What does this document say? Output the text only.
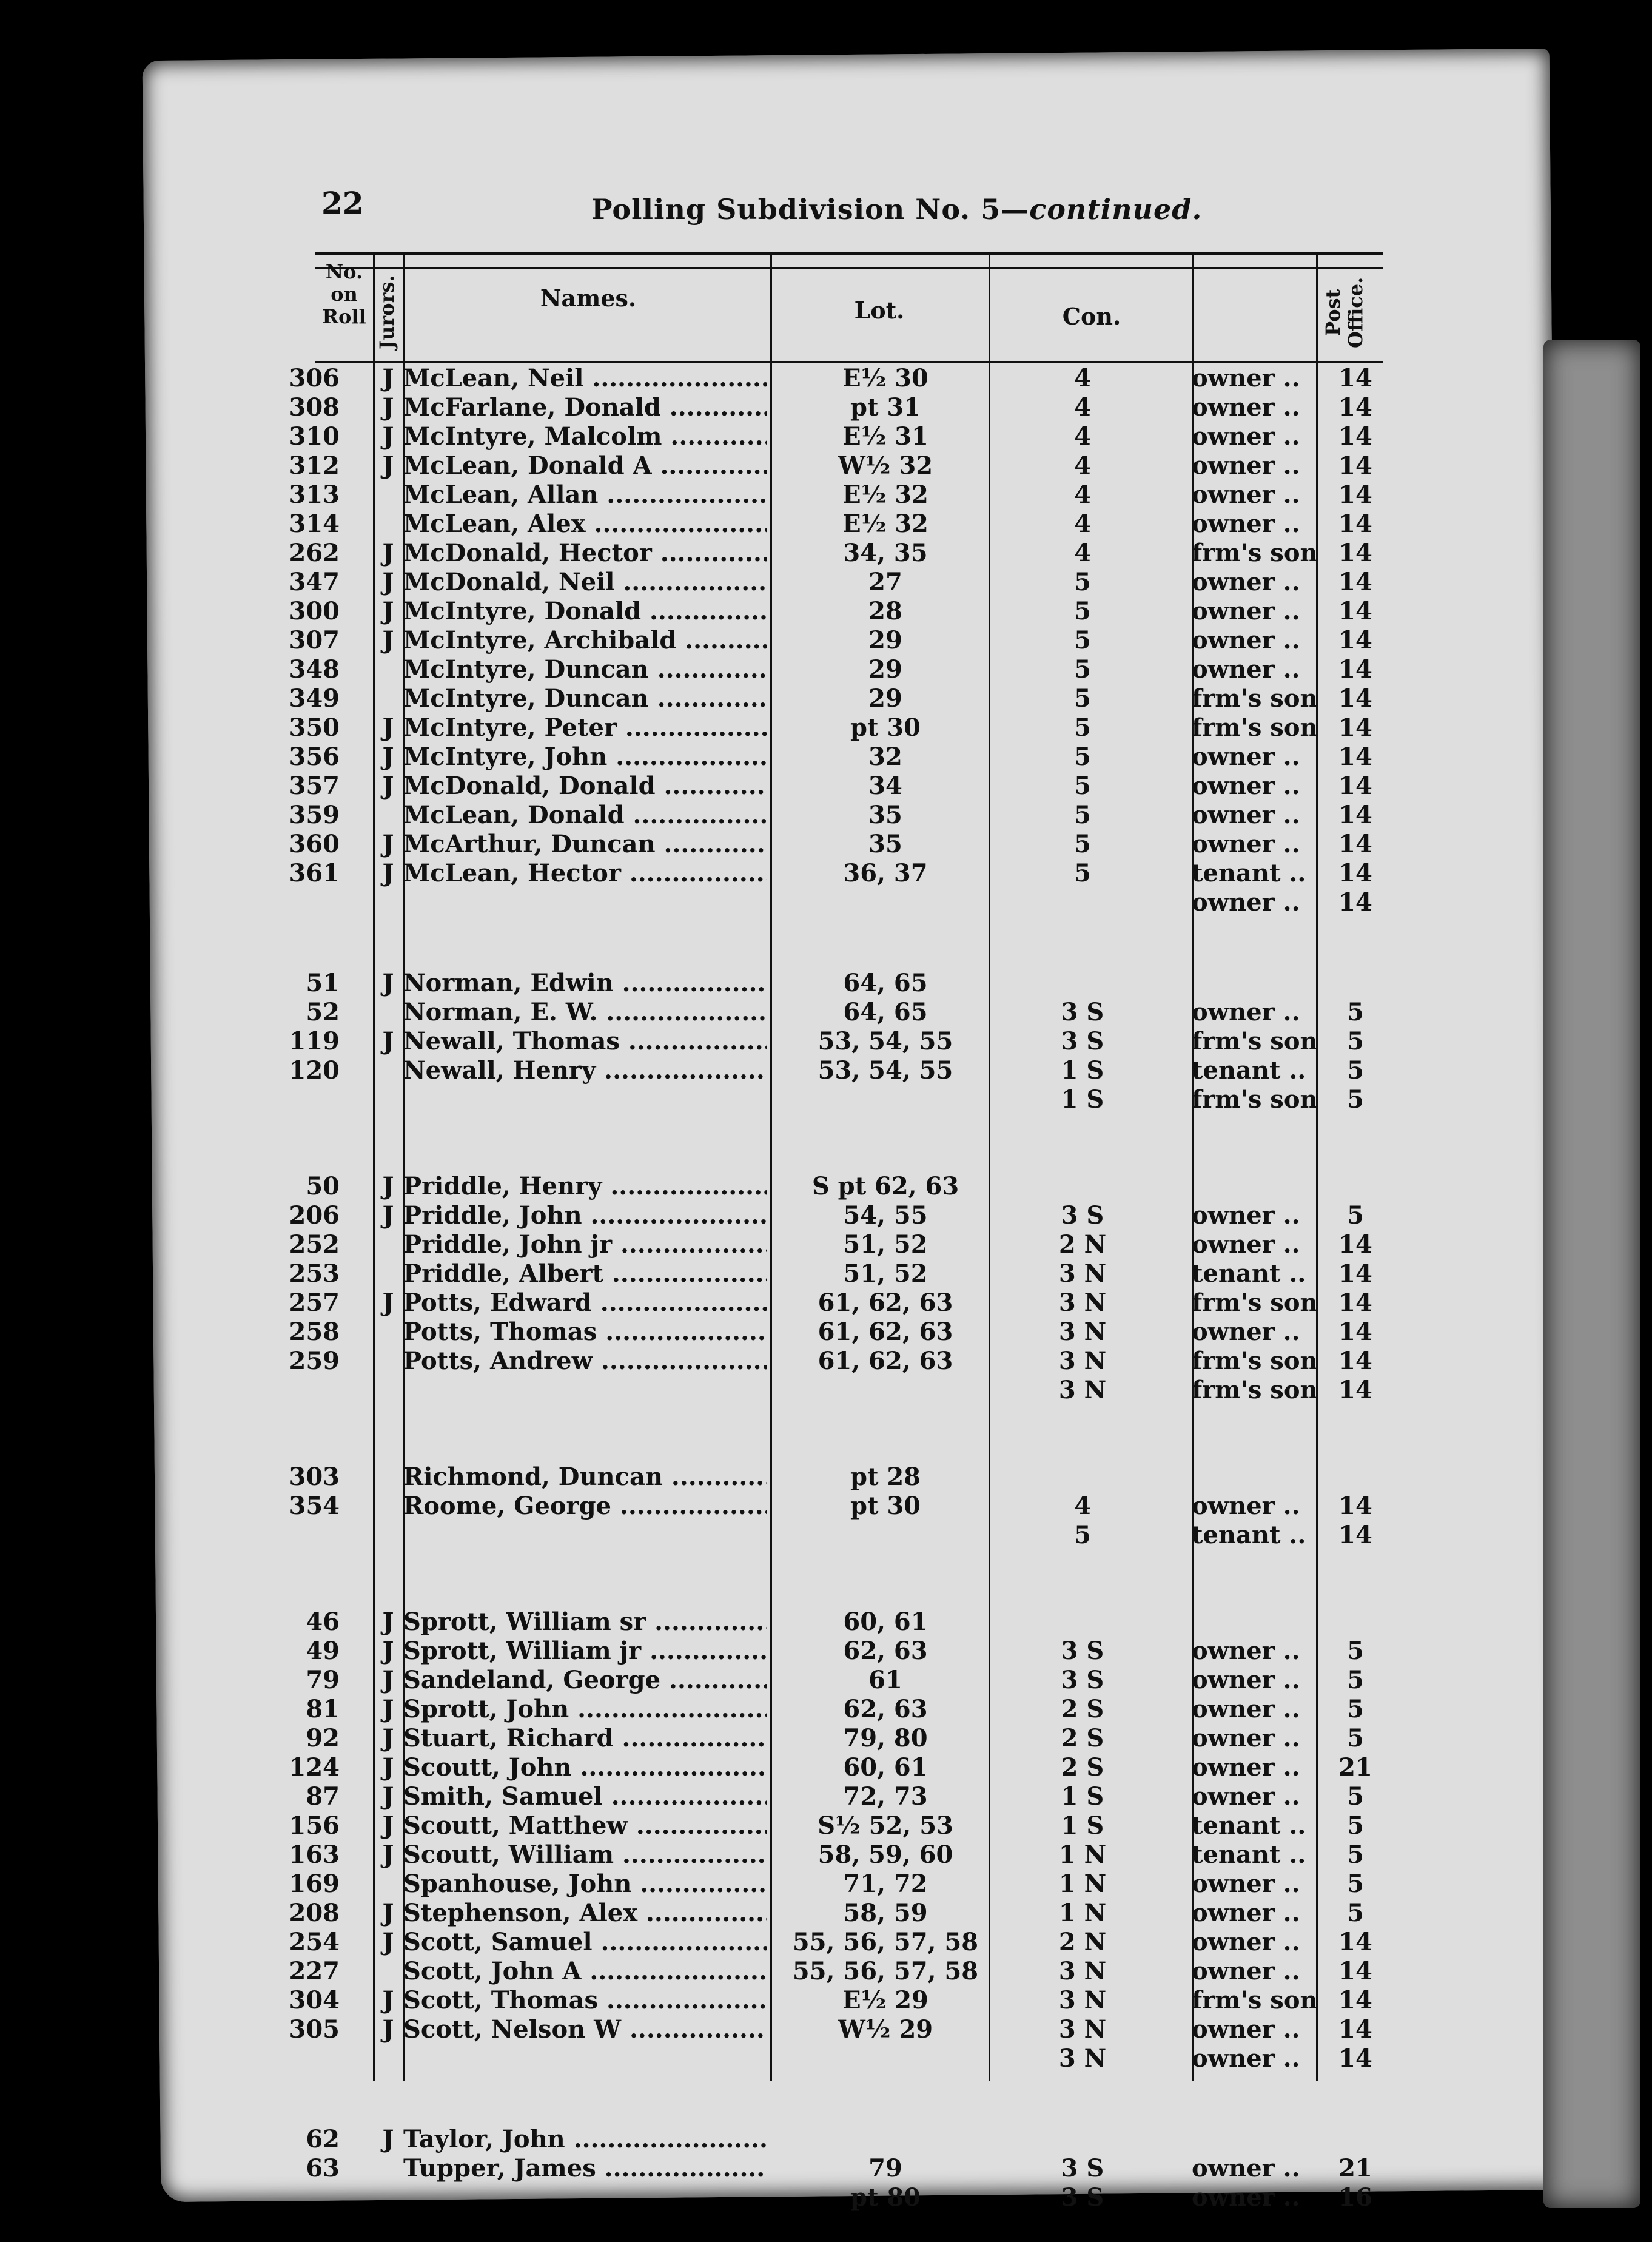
22	Polling Subdivision No. 5—continued.
No. on Roll Jurors.	Names.	Lot.	Con.	Post Office.
306	J McLean, Neil .....	E½ 30	4	owner ..	14
308	J McFarlane, Donald .....	pt 31	4	owner ..	14
310	J McIntyre, Malcolm .....	E½ 31	4	owner ..	14
312	J McLean, Donald A .....	W½ 32	4	owner ..	14
313	McLean, Allan .....	E½ 32	4	owner ..	14
314	McLean, Alex .....	E½ 32	4	owner ..	14
262	J McDonald, Hector .....	34, 35	4	frm's son 14
347	J McDonald, Neil .....	27	5	owner ..	14
300	J McIntyre, Donald .....	28	5	owner ..	14
307	J McIntyre, Archibald .....	29	5	owner ..	14
348	McIntyre, Duncan .....	29	5	owner ..	14
349	McIntyre, Duncan .....	29	5	frm's son 14
350	J McIntyre, Peter .....	pt 30	5	frm's son 14
356	J McIntyre, John .....	32	5	owner ..	14
357	J McDonald, Donald .....	34	5	owner ..	14
359	McLean, Donald .....	35	5	owner ..	14
360	J McArthur, Duncan .....	35	5	owner ..	14
361	J McLean, Hector .....	36, 37	5	tenant ..	14
owner ..	14
51	J Norman, Edwin .....	64, 65
52	Norman, E. W. .....	64, 65	3 S	owner ..	5
119	J Newall, Thomas .....	53, 54, 55	3 S	frm's son	5
120	Newall, Henry .....	53, 54, 55	1 S	tenant ..	5
1 S	frm's son	5
50	J Priddle, Henry .....	S pt 62, 63
206	J Priddle, John .....	54, 55	3 S	owner ..	5
252	Priddle, John jr .....	51, 52	2 N	owner ..	14
253	Priddle, Albert .....	51, 52	3 N	tenant ..	14
257	J Potts, Edward .....	61, 62, 63	3 N	frm's son 14
258	Potts, Thomas .....	61, 62, 63	3 N	owner ..	14
259	Potts, Andrew .....	61, 62, 63	3 N	frm's son 14
3 N	frm's son 14
303	Richmond, Duncan .....	pt 28
354	Roome, George .....	pt 30	4	owner ..	14
5	tenant ..	14
46	J Sprott, William sr .....	60, 61
49	J Sprott, William jr .....	62, 63	3 S	owner ..	5
79	J Sandeland, George .....	61	3 S	owner ..	5
81	J Sprott, John .....	62, 63	2 S	owner ..	5
92	J Stuart, Richard .....	79, 80	2 S	owner ..	5
124	J Scoutt, John .....	60, 61	2 S	owner ..	21
87	J Smith, Samuel .....	72, 73	1 S	owner ..	5
156	J Scoutt, Matthew .....	S½ 52, 53	1 S	tenant ..	5
163	J Scoutt, William .....	58, 59, 60	1 N	tenant ..	5
169	Spanhouse, John .....	71, 72	1 N	owner ..	5
208	J Stephenson, Alex .....	58, 59	1 N	owner ..	5
254	J Scott, Samuel .....	55, 56, 57, 58	2 N	owner ..	14
227	Scott, John A .....	55, 56, 57, 58	3 N	owner ..	14
304	J Scott, Thomas .....	E½ 29	3 N	frm's son 14
305	J Scott, Nelson W .....	W½ 29	3 N	owner ..	14
3 N	owner ..	14
62	J Taylor, John .....
63	Tupper, James .....	79	3 S	owner ..	21
pt 80	3 S	owner ..	16
